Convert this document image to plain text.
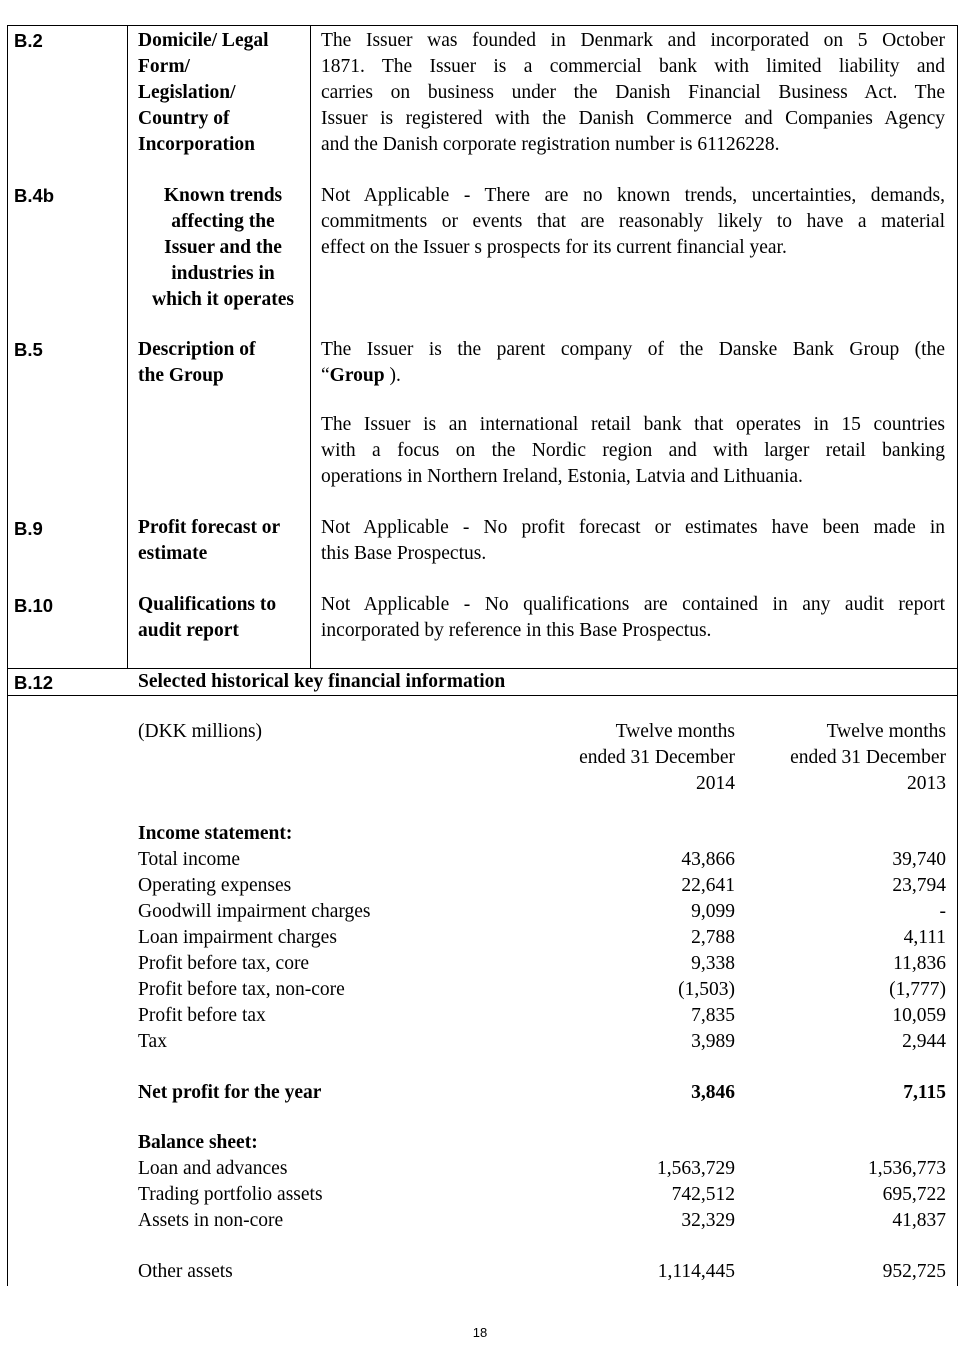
B.2	Domicile/ Legal
Form/
Legislation/
Country of
Incorporation
The Issuer was founded in Denmark and incorporated on 5 October
1871. The Issuer is a commercial bank with limited liability and
carries on business under the Danish Financial Business Act. The
Issuer is registered with the Danish Commerce and Companies Agency
and the Danish corporate registration number is 61126228.
B.4b	Known trends
affecting the
Issuer and the
industries in
which it operates
Not Applicable - There are no known trends, uncertainties, demands,
commitments or events that are reasonably likely to have a material
effect on the Issuer s prospects for its current financial year.
B.5	Description of
the Group
The Issuer is the parent company of the Danske Bank Group (the
“Group ).
The Issuer is an international retail bank that operates in 15 countries
with a focus on the Nordic region and with larger retail banking
operations in Northern Ireland, Estonia, Latvia and Lithuania.
B.9	Profit forecast or
estimate
Not Applicable - No profit forecast or estimates have been made in
this Base Prospectus.
B.10	Qualifications to
audit report
Not Applicable - No qualifications are contained in any audit report
incorporated by reference in this Base Prospectus.
B.12	Selected historical key financial information
(DKK millions)	Twelve months
ended 31 December
2014
Twelve months
ended 31 December
2013
Income statement:
Total income	43,866	39,740
Operating expenses	22,641	23,794
Goodwill impairment charges	9,099	-
Loan impairment charges	2,788	4,111
Profit before tax, core	9,338	11,836
Profit before tax, non-core	(1,503)	(1,777)
Profit before tax	7,835	10,059
Tax	3,989	2,944
Net profit for the year	3,846	7,115
Balance sheet:
Loan and advances	1,563,729	1,536,773
Trading portfolio assets	742,512	695,722
Assets in non-core	32,329	41,837
Other assets	1,114,445	952,725
18
